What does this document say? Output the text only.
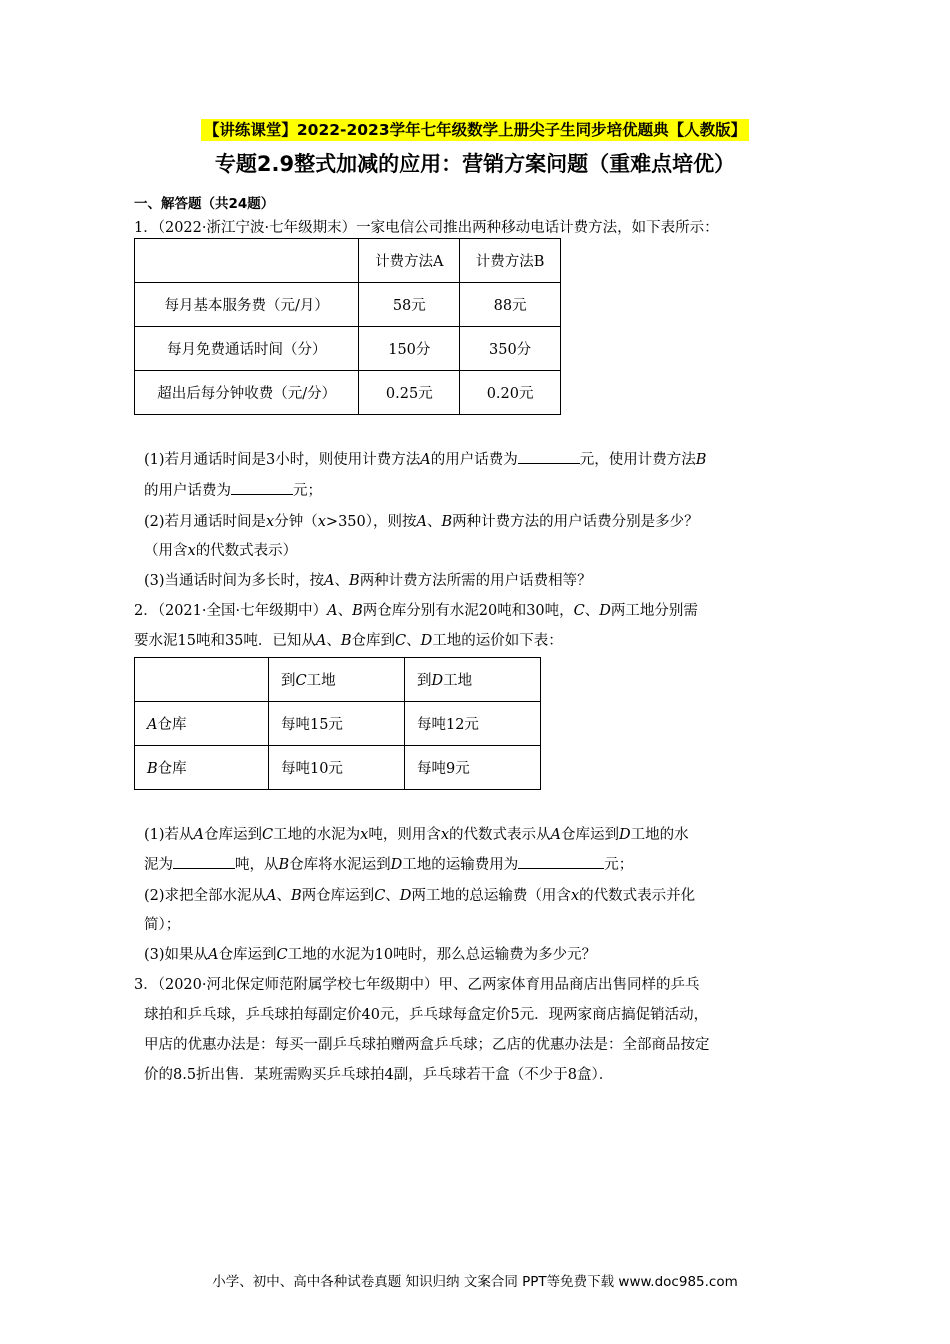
【讲练课堂】2022-2023学年七年级数学上册尖子生同步培优题典【人教版】
专题2.9整式加减的应用：营销方案问题（重难点培优）
一、解答题（共24题）
1．（2022·浙江宁波·七年级期末）一家电信公司推出两种移动电话计费方法，如下表所示：
	计费方法A	计费方法B
每月基本服务费（元/月）	58元	88元
每月免费通话时间（分）	150分	350分
超出后每分钟收费（元/分）	0.25元	0.20元
(1)若月通话时间是3小时，则使用计费方法A的用户话费为	元，使用计费方法B
的用户话费为	元；
(2)若月通话时间是x分钟（x>350），则按A、B两种计费方法的用户话费分别是多少？
（用含x的代数式表示）
(3)当通话时间为多长时，按A、B两种计费方法所需的用户话费相等？
2．（2021·全国·七年级期中）A、B两仓库分别有水泥20吨和30吨，C、D两工地分别需
要水泥15吨和35吨．已知从A、B仓库到C、D工地的运价如下表：
	到C工地	到D工地
A仓库	每吨15元	每吨12元
B仓库	每吨10元	每吨9元
(1)若从A仓库运到C工地的水泥为x吨，则用含x的代数式表示从A仓库运到D工地的水
泥为	吨，从B仓库将水泥运到D工地的运输费用为	元；
(2)求把全部水泥从A、B两仓库运到C、D两工地的总运输费（用含x的代数式表示并化
简）；
(3)如果从A仓库运到C工地的水泥为10吨时，那么总运输费为多少元？
3．（2020·河北保定师范附属学校七年级期中）甲、乙两家体育用品商店出售同样的乒乓
球拍和乒乓球，乒乓球拍每副定价40元，乒乓球每盒定价5元．现两家商店搞促销活动，
甲店的优惠办法是：每买一副乒乓球拍赠两盒乒乓球；乙店的优惠办法是：全部商品按定
价的8.5折出售．某班需购买乒乓球拍4副，乒乓球若干盒（不少于8盒）．
小学、初中、高中各种试卷真题 知识归纳 文案合同 PPT等免费下载 www.doc985.com
